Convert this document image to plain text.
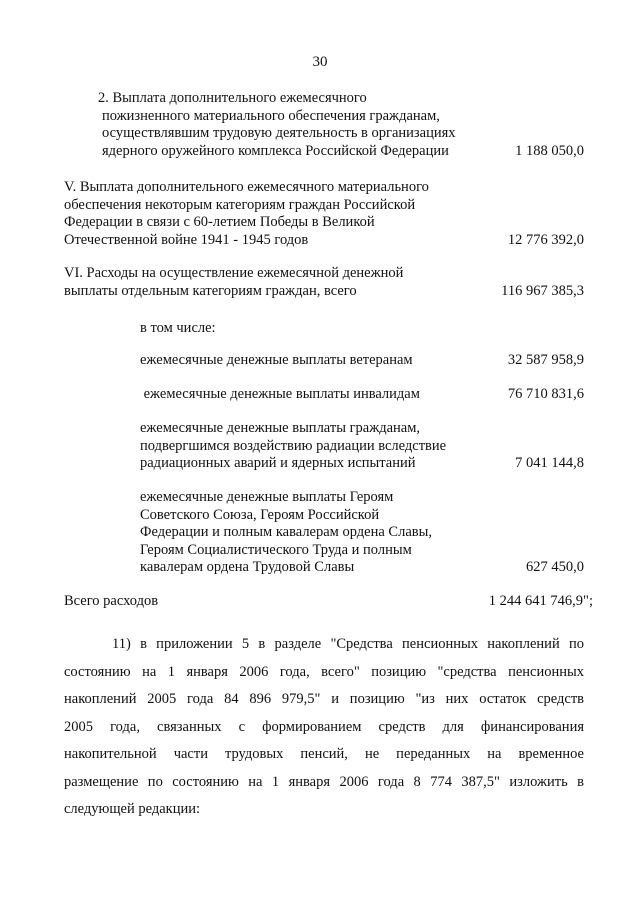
30
2. Выплата дополнительного ежемесячного
пожизненного материального обеспечения гражданам,
осуществлявшим трудовую деятельность в организациях
ядерного оружейного комплекса Российской Федерации	1 188 050,0
V. Выплата дополнительного ежемесячного материального
обеспечения некоторым категориям граждан Российской
Федерации в связи с 60-летием Победы в Великой
Отечественной войне 1941 - 1945 годов	12 776 392,0
VI. Расходы на осуществление ежемесячной денежной
выплаты отдельным категориям граждан, всего	116 967 385,3
в том числе:
ежемесячные денежные выплаты ветеранам	32 587 958,9
ежемесячные денежные выплаты инвалидам	76 710 831,6
ежемесячные денежные выплаты гражданам,
подвергшимся воздействию радиации вследствие
радиационных аварий и ядерных испытаний	7 041 144,8
ежемесячные денежные выплаты Героям
Советского Союза, Героям Российской
Федерации и полным кавалерам ордена Славы,
Героям Социалистического Труда и полным
кавалерам ордена Трудовой Славы	627 450,0
Всего расходов	1 244 641 746,9";
11) в приложении 5 в разделе "Средства пенсионных накоплений по
состоянию на 1 января 2006 года, всего" позицию "средства пенсионных
накоплений 2005 года 84 896 979,5" и позицию "из них остаток средств
2005 года, связанных с формированием средств для финансирования
накопительной части трудовых пенсий, не переданных на временное
размещение по состоянию на 1 января 2006 года 8 774 387,5" изложить в
следующей редакции:
